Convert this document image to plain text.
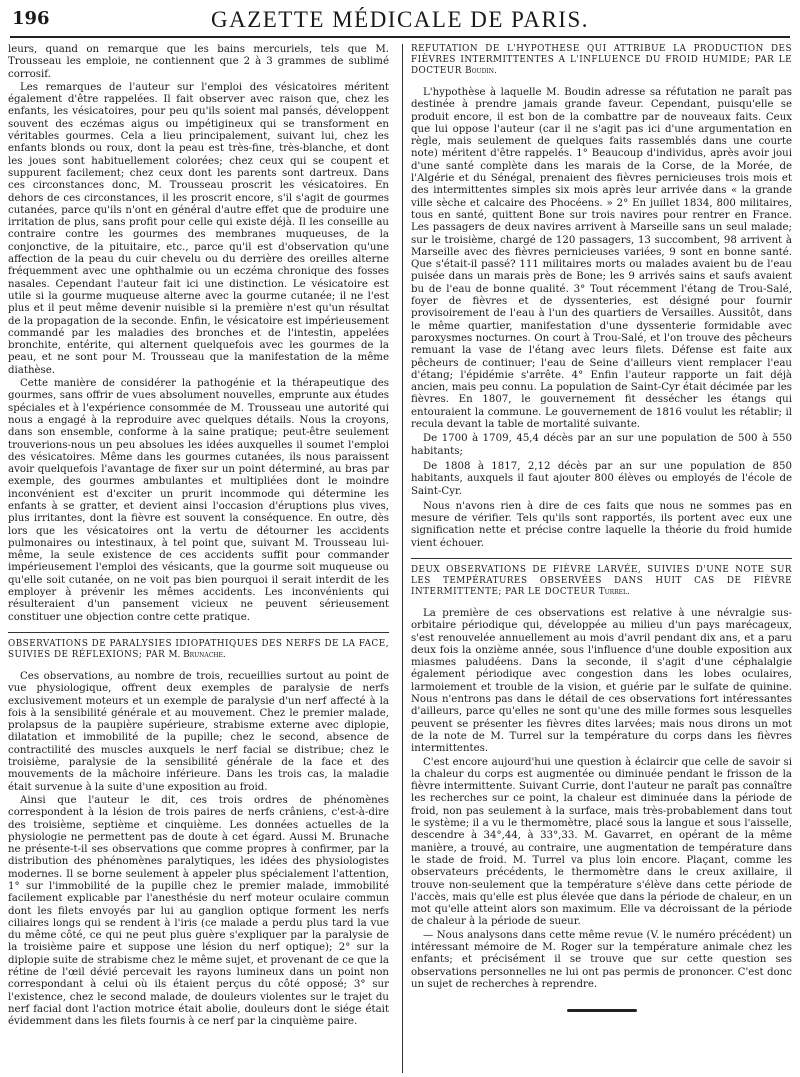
196	GAZETTE MÉDICALE DE PARIS.

leurs, quand on remarque que les bains mercuriels, tels que M. Trousseau les emploie, ne contiennent que 2 à 3 grammes de sublimé corrosif.

Les remarques de l'auteur sur l'emploi des vésicatoires méritent également d'être rappelées. Il fait observer avec raison que, chez les enfants, les vésicatoires, pour peu qu'ils soient mal pansés, développent souvent des eczémas aigus ou impétigineux qui se transforment en véritables gourmes. Cela a lieu principalement, suivant lui, chez les enfants blonds ou roux, dont la peau est très-fine, très-blanche, et dont les joues sont habituellement colorées; chez ceux qui se coupent et suppurent facilement; chez ceux dont les parents sont dartreux. Dans ces circonstances donc, M. Trousseau proscrit les vésicatoires. En dehors de ces circonstances, il les proscrit encore, s'il s'agit de gourmes cutanées, parce qu'ils n'ont en général d'autre effet que de produire une irritation de plus, sans profit pour celle qui existe déjà. Il les conseille au contraire contre les gourmes des membranes muqueuses, de la conjonctive, de la pituitaire, etc., parce qu'il est d'observation qu'une affection de la peau du cuir chevelu ou du derrière des oreilles alterne fréquemment avec une ophthalmie ou un eczéma chronique des fosses nasales. Cependant l'auteur fait ici une distinction. Le vésicatoire est utile si la gourme muqueuse alterne avec la gourme cutanée; il ne l'est plus et il peut même devenir nuisible si la première n'est qu'un résultat de la propagation de la seconde. Enfin, le vésicatoire est impérieusement commandé par les maladies des bronches et de l'intestin, appelées bronchite, entérite, qui alternent quelquefois avec les gourmes de la peau, et ne sont pour M. Trousseau que la manifestation de la même diathèse.

Cette manière de considérer la pathogénie et la thérapeutique des gourmes, sans offrir de vues absolument nouvelles, emprunte aux études spéciales et à l'expérience consommée de M. Trousseau une autorité qui nous a engagé à la reproduire avec quelques détails. Nous la croyons, dans son ensemble, conforme à la saine pratique; peut-être seulement trouverions-nous un peu absolues les idées auxquelles il soumet l'emploi des vésicatoires. Même dans les gourmes cutanées, ils nous paraissent avoir quelquefois l'avantage de fixer sur un point déterminé, au bras par exemple, des gourmes ambulantes et multipliées dont le moindre inconvénient est d'exciter un prurit incommode qui détermine les enfants à se gratter, et devient ainsi l'occasion d'éruptions plus vives, plus irritantes, dont la fièvre est souvent la conséquence. En outre, dès lors que les vésicatoires ont la vertu de détourner les accidents pulmonaires ou intestinaux, à tel point que, suivant M. Trousseau lui-même, la seule existence de ces accidents suffit pour commander impérieusement l'emploi des vésicants, que la gourme soit muqueuse ou qu'elle soit cutanée, on ne voit pas bien pourquoi il serait interdit de les employer à prévenir les mêmes accidents. Les inconvénients qui résulteraient d'un pansement vicieux ne peuvent sérieusement constituer une objection contre cette pratique.

OBSERVATIONS DE PARALYSIES IDIOPATHIQUES DES NERFS DE LA FACE, SUIVIES DE RÉFLEXIONS; PAR M. Brunache.

Ces observations, au nombre de trois, recueillies surtout au point de vue physiologique, offrent deux exemples de paralysie de nerfs exclusivement moteurs et un exemple de paralysie d'un nerf affecté à la fois à la sensibilité générale et au mouvement. Chez le premier malade, prolapsus de la paupière supérieure, strabisme externe avec diplopie, dilatation et immobilité de la pupille; chez le second, absence de contractilité des muscles auxquels le nerf facial se distribue; chez le troisième, paralysie de la sensibilité générale de la face et des mouvements de la mâchoire inférieure. Dans les trois cas, la maladie était survenue à la suite d'une exposition au froid.

Ainsi que l'auteur le dit, ces trois ordres de phénomènes correspondent à la lésion de trois paires de nerfs crâniens, c'est-à-dire des troisième, septième et cinquième. Les données actuelles de la physiologie ne permettent pas de doute à cet égard. Aussi M. Brunache ne présente-t-il ses observations que comme propres à confirmer, par la distribution des phénomènes paralytiques, les idées des physiologistes modernes. Il se borne seulement à appeler plus spécialement l'attention, 1° sur l'immobilité de la pupille chez le premier malade, immobilité facilement explicable par l'anesthésie du nerf moteur oculaire commun dont les filets envoyés par lui au ganglion optique forment les nerfs ciliaires longs qui se rendent à l'iris (ce malade a perdu plus tard la vue du même côté, ce qui ne peut plus guère s'expliquer par la paralysie de la troisième paire et suppose une lésion du nerf optique); 2° sur la diplopie suite de strabisme chez le même sujet, et provenant de ce que la rétine de l'œil dévié percevait les rayons lumineux dans un point non correspondant à celui où ils étaient perçus du côté opposé; 3° sur l'existence, chez le second malade, de douleurs violentes sur le trajet du nerf facial dont l'action motrice était abolie, douleurs dont le siége était évidemment dans les filets fournis à ce nerf par la cinquième paire.

RÉFUTATION DE L'HYPOTHÈSE QUI ATTRIBUE LA PRODUCTION DES FIÈVRES INTERMITTENTES A L'INFLUENCE DU FROID HUMIDE; PAR LE DOCTEUR Boudin.

L'hypothèse à laquelle M. Boudin adresse sa réfutation ne paraît pas destinée à prendre jamais grande faveur. Cependant, puisqu'elle se produit encore, il est bon de la combattre par de nouveaux faits. Ceux que lui oppose l'auteur (car il ne s'agit pas ici d'une argumentation en règle, mais seulement de quelques faits rassemblés dans une courte note) méritent d'être rappelés. 1° Beaucoup d'individus, après avoir joui d'une santé complète dans les marais de la Corse, de la Morée, de l'Algérie et du Sénégal, prenaient des fièvres pernicieuses trois mois et des intermittentes simples six mois après leur arrivée dans « la grande ville sèche et calcaire des Phocéens. » 2° En juillet 1834, 800 militaires, tous en santé, quittent Bone sur trois navires pour rentrer en France. Les passagers de deux navires arrivent à Marseille sans un seul malade; sur le troisième, chargé de 120 passagers, 13 succombent, 98 arrivent à Marseille avec des fièvres pernicieuses variées, 9 sont en bonne santé. Que s'était-il passé? 111 militaires morts ou malades avaient bu de l'eau puisée dans un marais près de Bone; les 9 arrivés sains et saufs avaient bu de l'eau de bonne qualité. 3° Tout récemment l'étang de Trou-Salé, foyer de fièvres et de dyssenteries, est désigné pour fournir provisoirement de l'eau à l'un des quartiers de Versailles. Aussitôt, dans le même quartier, manifestation d'une dyssenterie formidable avec paroxysmes nocturnes. On court à Trou-Salé, et l'on trouve des pêcheurs remuant la vase de l'étang avec leurs filets. Défense est faite aux pêcheurs de continuer; l'eau de Seine d'ailleurs vient remplacer l'eau d'étang; l'épidémie s'arrête. 4° Enfin l'auteur rapporte un fait déjà ancien, mais peu connu. La population de Saint-Cyr était décimée par les fièvres. En 1807, le gouvernement fit dessécher les étangs qui entouraient la commune. Le gouvernement de 1816 voulut les rétablir; il recula devant la table de mortalité suivante.

De 1700 à 1709, 45,4 décès par an sur une population de 500 à 550 habitants;

De 1808 à 1817, 2,12 décès par an sur une population de 850 habitants, auxquels il faut ajouter 800 élèves ou employés de l'école de Saint-Cyr.

Nous n'avons rien à dire de ces faits que nous ne sommes pas en mesure de vérifier. Tels qu'ils sont rapportés, ils portent avec eux une signification nette et précise contre laquelle la théorie du froid humide vient échouer.

DEUX OBSERVATIONS DE FIÈVRE LARVÉE, SUIVIES D'UNE NOTE SUR LES TEMPÉRATURES OBSERVÉES DANS HUIT CAS DE FIÈVRE INTERMITTENTE; PAR LE DOCTEUR Turrel.

La première de ces observations est relative à une névralgie sus-orbitaire périodique qui, développée au milieu d'un pays marécageux, s'est renouvelée annuellement au mois d'avril pendant dix ans, et a paru deux fois la onzième année, sous l'influence d'une double exposition aux miasmes paludéens. Dans la seconde, il s'agit d'une céphalalgie également périodique avec congestion dans les lobes oculaires, larmoiement et trouble de la vision, et guérie par le sulfate de quinine. Nous n'entrons pas dans le détail de ces observations fort intéressantes d'ailleurs, parce qu'elles ne sont qu'une des mille formes sous lesquelles peuvent se présenter les fièvres dites larvées; mais nous dirons un mot de la note de M. Turrel sur la température du corps dans les fièvres intermittentes.

C'est encore aujourd'hui une question à éclaircir que celle de savoir si la chaleur du corps est augmentée ou diminuée pendant le frisson de la fièvre intermittente. Suivant Currie, dont l'auteur ne paraît pas connaître les recherches sur ce point, la chaleur est diminuée dans la période de froid, non pas seulement à la surface, mais très-probablement dans tout le système; il a vu le thermomètre, placé sous la langue et sous l'aisselle, descendre à 34°,44, à 33°,33. M. Gavarret, en opérant de la même manière, a trouvé, au contraire, une augmentation de température dans le stade de froid. M. Turrel va plus loin encore. Plaçant, comme les observateurs précédents, le thermomètre dans le creux axillaire, il trouve non-seulement que la température s'élève dans cette période de l'accès, mais qu'elle est plus élevée que dans la période de chaleur, en un mot qu'elle atteint alors son maximum. Elle va décroissant de la période de chaleur à la période de sueur.

— Nous analysons dans cette même revue (V. le numéro précédent) un intéressant mémoire de M. Roger sur la température animale chez les enfants; et précisément il se trouve que sur cette question ses observations personnelles ne lui ont pas permis de prononcer. C'est donc un sujet de recherches à reprendre.
